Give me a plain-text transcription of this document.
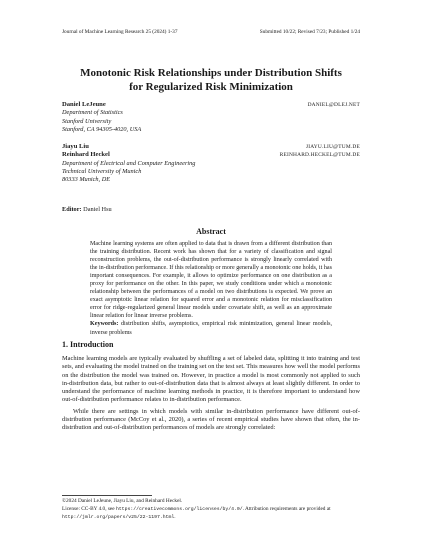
Journal of Machine Learning Research 25 (2024) 1-37	Submitted 10/22; Revised 7/23; Published 1/24
Monotonic Risk Relationships under Distribution Shifts
for Regularized Risk Minimization
Daniel LeJeune	DANIEL@DLEJ.NET
Department of Statistics
Stanford University
Stanford, CA 94305-4020, USA
Jiayu Liu	JIAYU.LIU@TUM.DE
Reinhard Heckel	REINHARD.HECKEL@TUM.DE
Department of Electrical and Computer Engineering
Technical University of Munich
80333 Munich, DE
Editor: Daniel Hsu
Abstract
Machine learning systems are often applied to data that is drawn from a different distribution than the training distribution. Recent work has shown that for a variety of classification and signal reconstruction problems, the out-of-distribution performance is strongly linearly correlated with the in-distribution performance. If this relationship or more generally a monotonic one holds, it has important consequences. For example, it allows to optimize performance on one distribution as a proxy for performance on the other. In this paper, we study conditions under which a monotonic relationship between the performances of a model on two distributions is expected. We prove an exact asymptotic linear relation for squared error and a monotonic relation for misclassification error for ridge-regularized general linear models under covariate shift, as well as an approximate linear relation for linear inverse problems.
Keywords: distribution shifts, asymptotics, empirical risk minimization, general linear models, inverse problems
1. Introduction

Machine learning models are typically evaluated by shuffling a set of labeled data, splitting it into training and test sets, and evaluating the model trained on the training set on the test set. This measures how well the model performs on the distribution the model was trained on. However, in practice a model is most commonly not applied to such in-distribution data, but rather to out-of-distribution data that is almost always at least slightly different. In order to understand the performance of machine learning methods in practice, it is therefore important to understand how out-of-distribution performance relates to in-distribution performance.

While there are settings in which models with similar in-distribution performance have different out-of-distribution performance (McCoy et al., 2020), a series of recent empirical studies have shown that often, the in-distribution and out-of-distribution performances of models are strongly correlated:

©2024 Daniel LeJeune, Jiayu Liu, and Reinhard Heckel.

License: CC-BY 4.0, see https://creativecommons.org/licenses/by/4.0/. Attribution requirements are provided at http://jmlr.org/papers/v25/22-1197.html.
